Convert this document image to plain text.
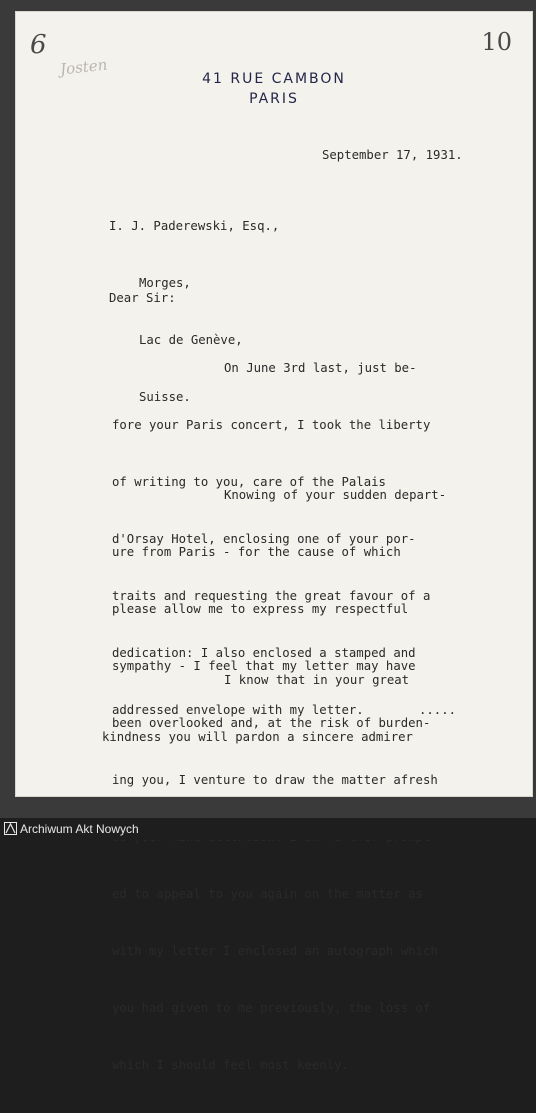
6	10
Josten
41 RUE CAMBON
PARIS
September 17, 1931.

I. J. Paderewski, Esq.,

Morges,

Lac de Genève,

Suisse.

Dear Sir:

On June 3rd last, just be-

fore your Paris concert, I took the liberty

of writing to you, care of the Palais

d'Orsay Hotel, enclosing one of your por-

traits and requesting the great favour of a

dedication: I also enclosed a stamped and

addressed envelope with my letter.

Knowing of your sudden depart-

ure from Paris - for the cause of which

please allow me to express my respectful

sympathy - I feel that my letter may have

been overlooked and, at the risk of burden-

ing you, I venture to draw the matter afresh

ed to appeal to you again on the matter as

with my letter I enclosed an autograph which

you had given to me previously, the loss of

which I should feel most keenly.

I know that in your great

kindness you will pardon a sincere admirer

.....
Archiwum Akt Nowych
